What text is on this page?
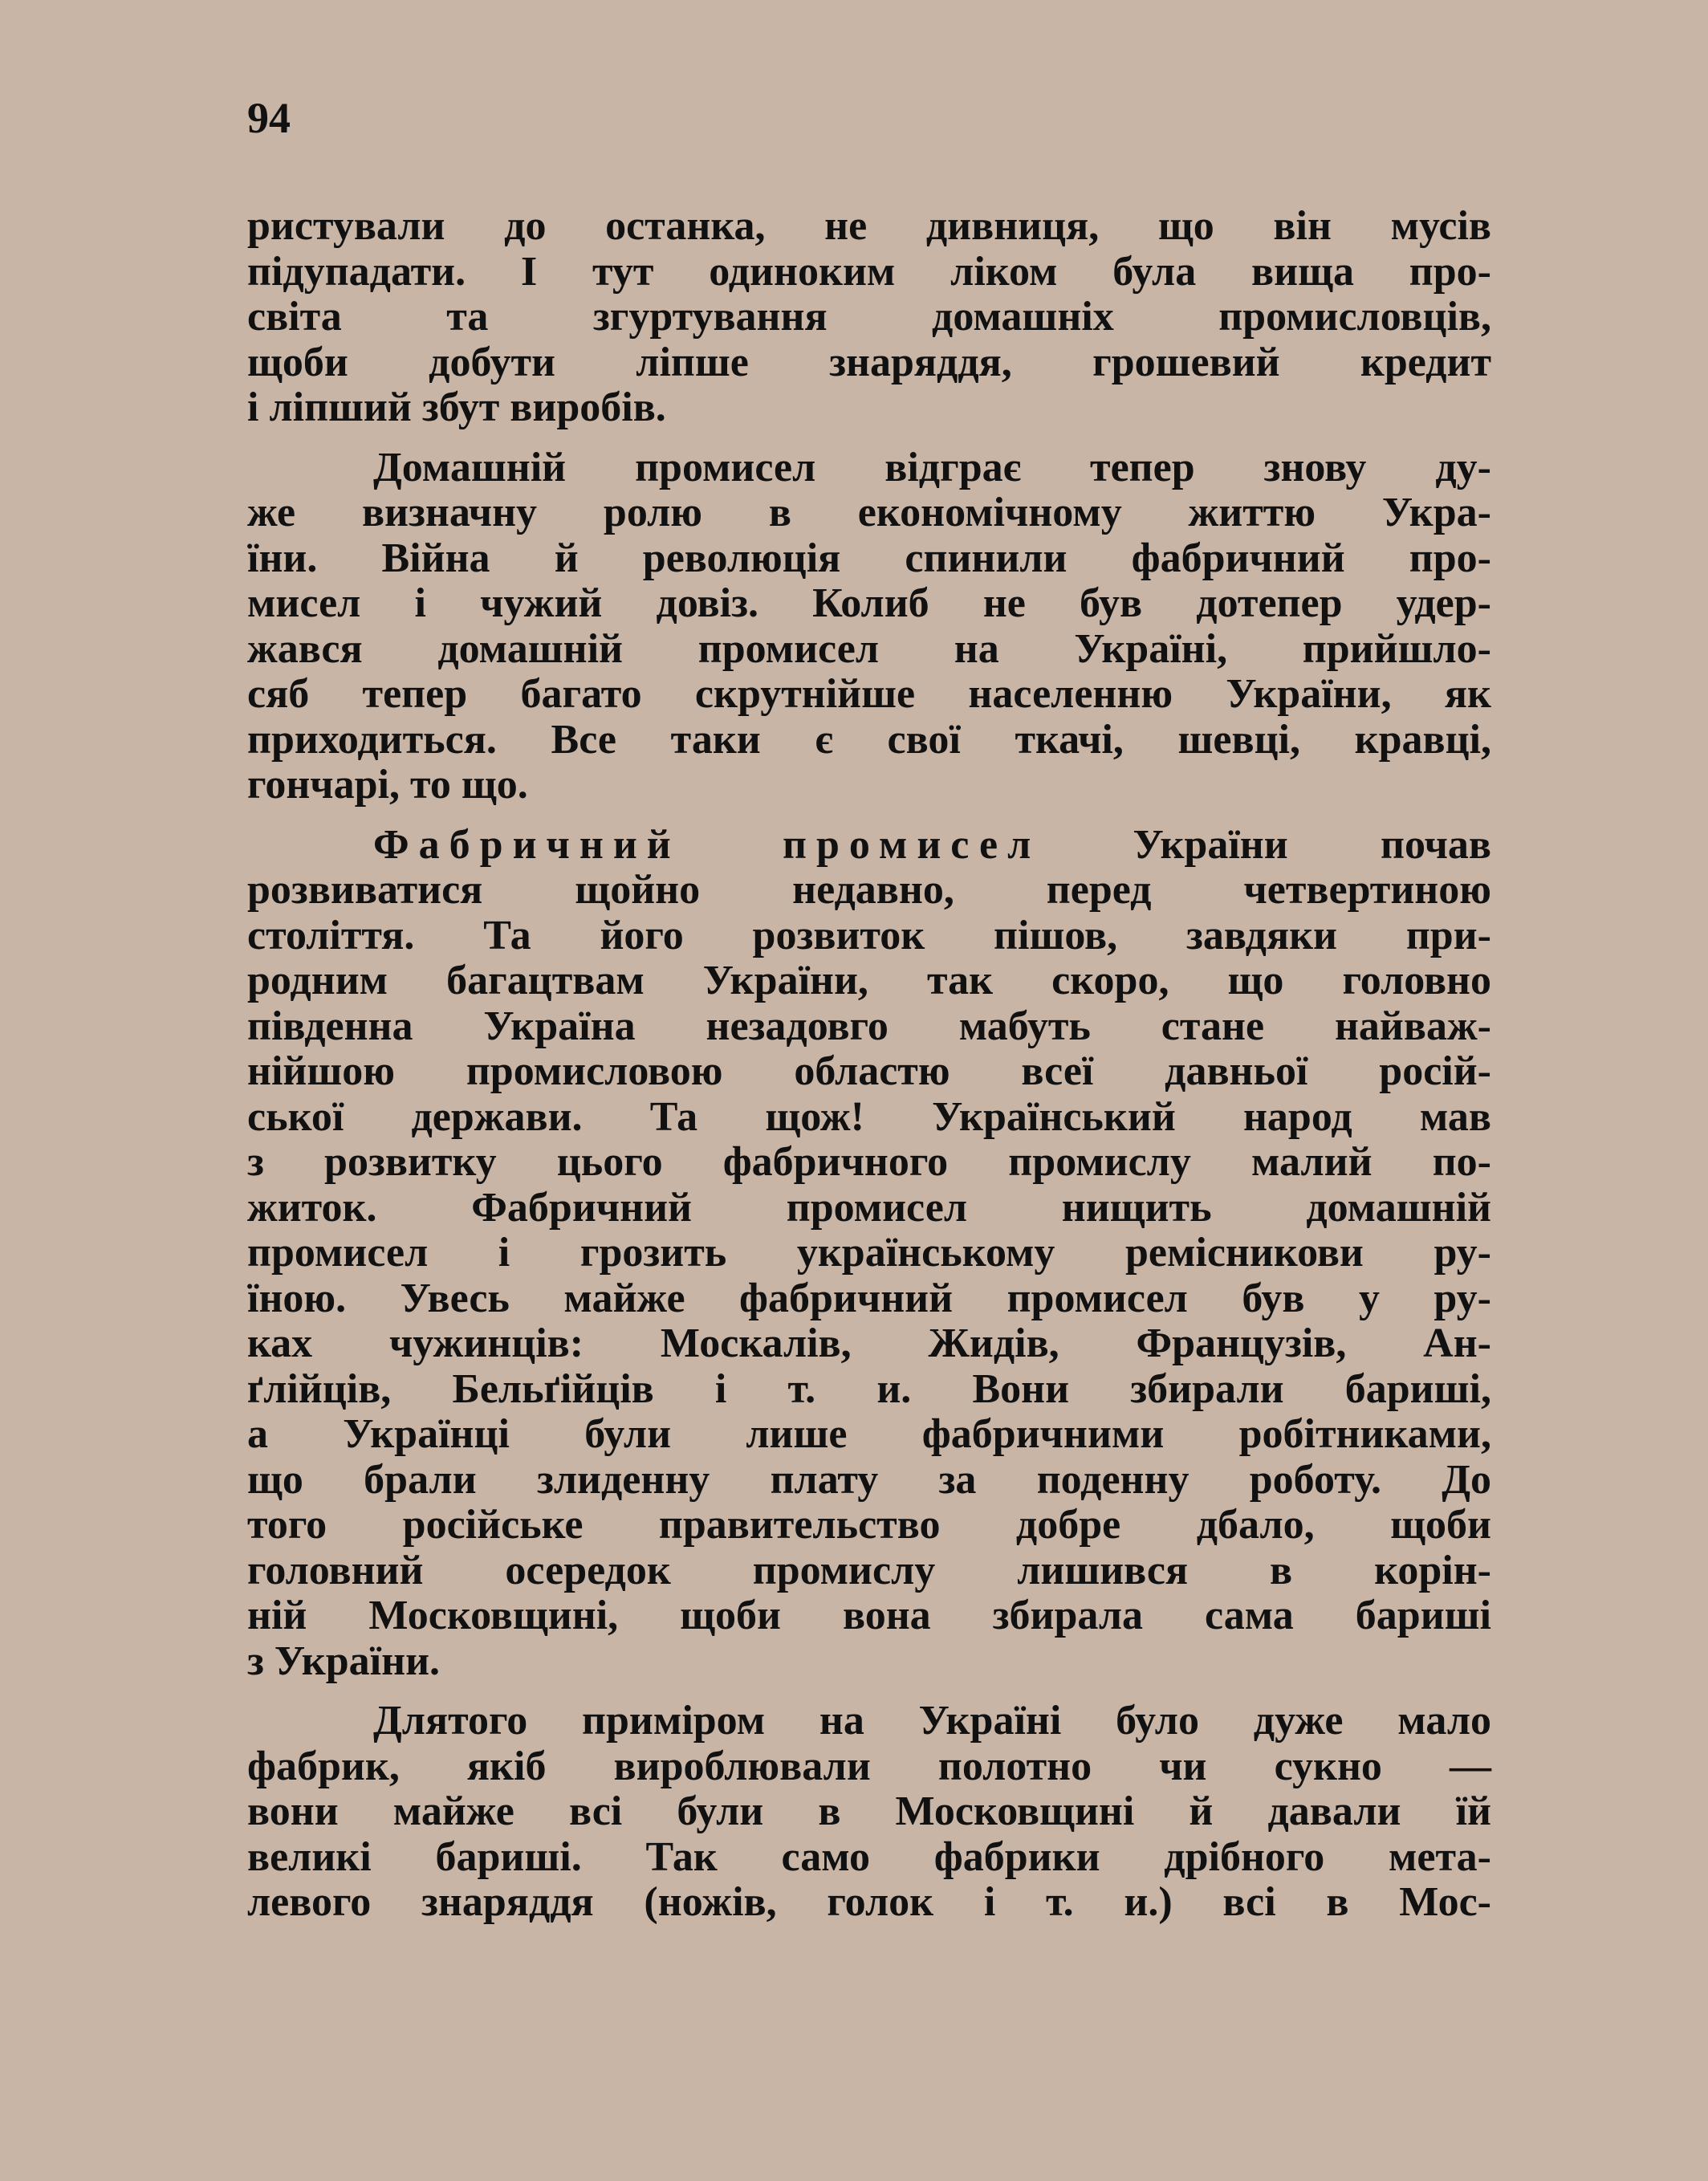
94

ристували до останка, не дивниця, що він мусів
підупадати. І тут одиноким ліком була вища про-
світа та згуртування домашніх промисловців,
щоби добути ліпше знаряддя, грошевий кредит
і ліпший збут виробів.

Домашній промисел відграє тепер знову ду-
же визначну ролю в економічному життю Укра-
їни. Війна й революція спинили фабричний про-
мисел і чужий довіз. Колиб не був дотепер удер-
жався домашній промисел на Україні, прийшло-
сяб тепер багато скрутнійше населенню України, як
приходиться. Все таки є свої ткачі, шевці, кравці,
гончарі, то що.

Фабричний промисел України почав
розвиватися щойно недавно, перед четвертиною
століття. Та його розвиток пішов, завдяки при-
родним багацтвам України, так скоро, що головно
південна Україна незадовго мабуть стане найваж-
нійшою промисловою областю всеї давньої росій-
ської держави. Та щож! Український народ мав
з розвитку цього фабричного промислу малий по-
житок. Фабричний промисел нищить домашній
промисел і грозить українському ремісникови ру-
їною. Увесь майже фабричний промисел був у ру-
ках чужинців: Москалів, Жидів, Французів, Ан-
ґлійців, Бельґійців і т. и. Вони збирали бариші,
а Українці були лише фабричними робітниками,
що брали злиденну плату за поденну роботу. До
того російське правительство добре дбало, щоби
головний осередок промислу лишився в корін-
ній Московщині, щоби вона збирала сама бариші
з України.

Длятого приміром на Україні було дуже мало
фабрик, якіб вироблювали полотно чи сукно —
вони майже всі були в Московщині й давали їй
великі бариші. Так само фабрики дрібного мета-
левого знаряддя (ножів, голок і т. и.) всі в Мос-
